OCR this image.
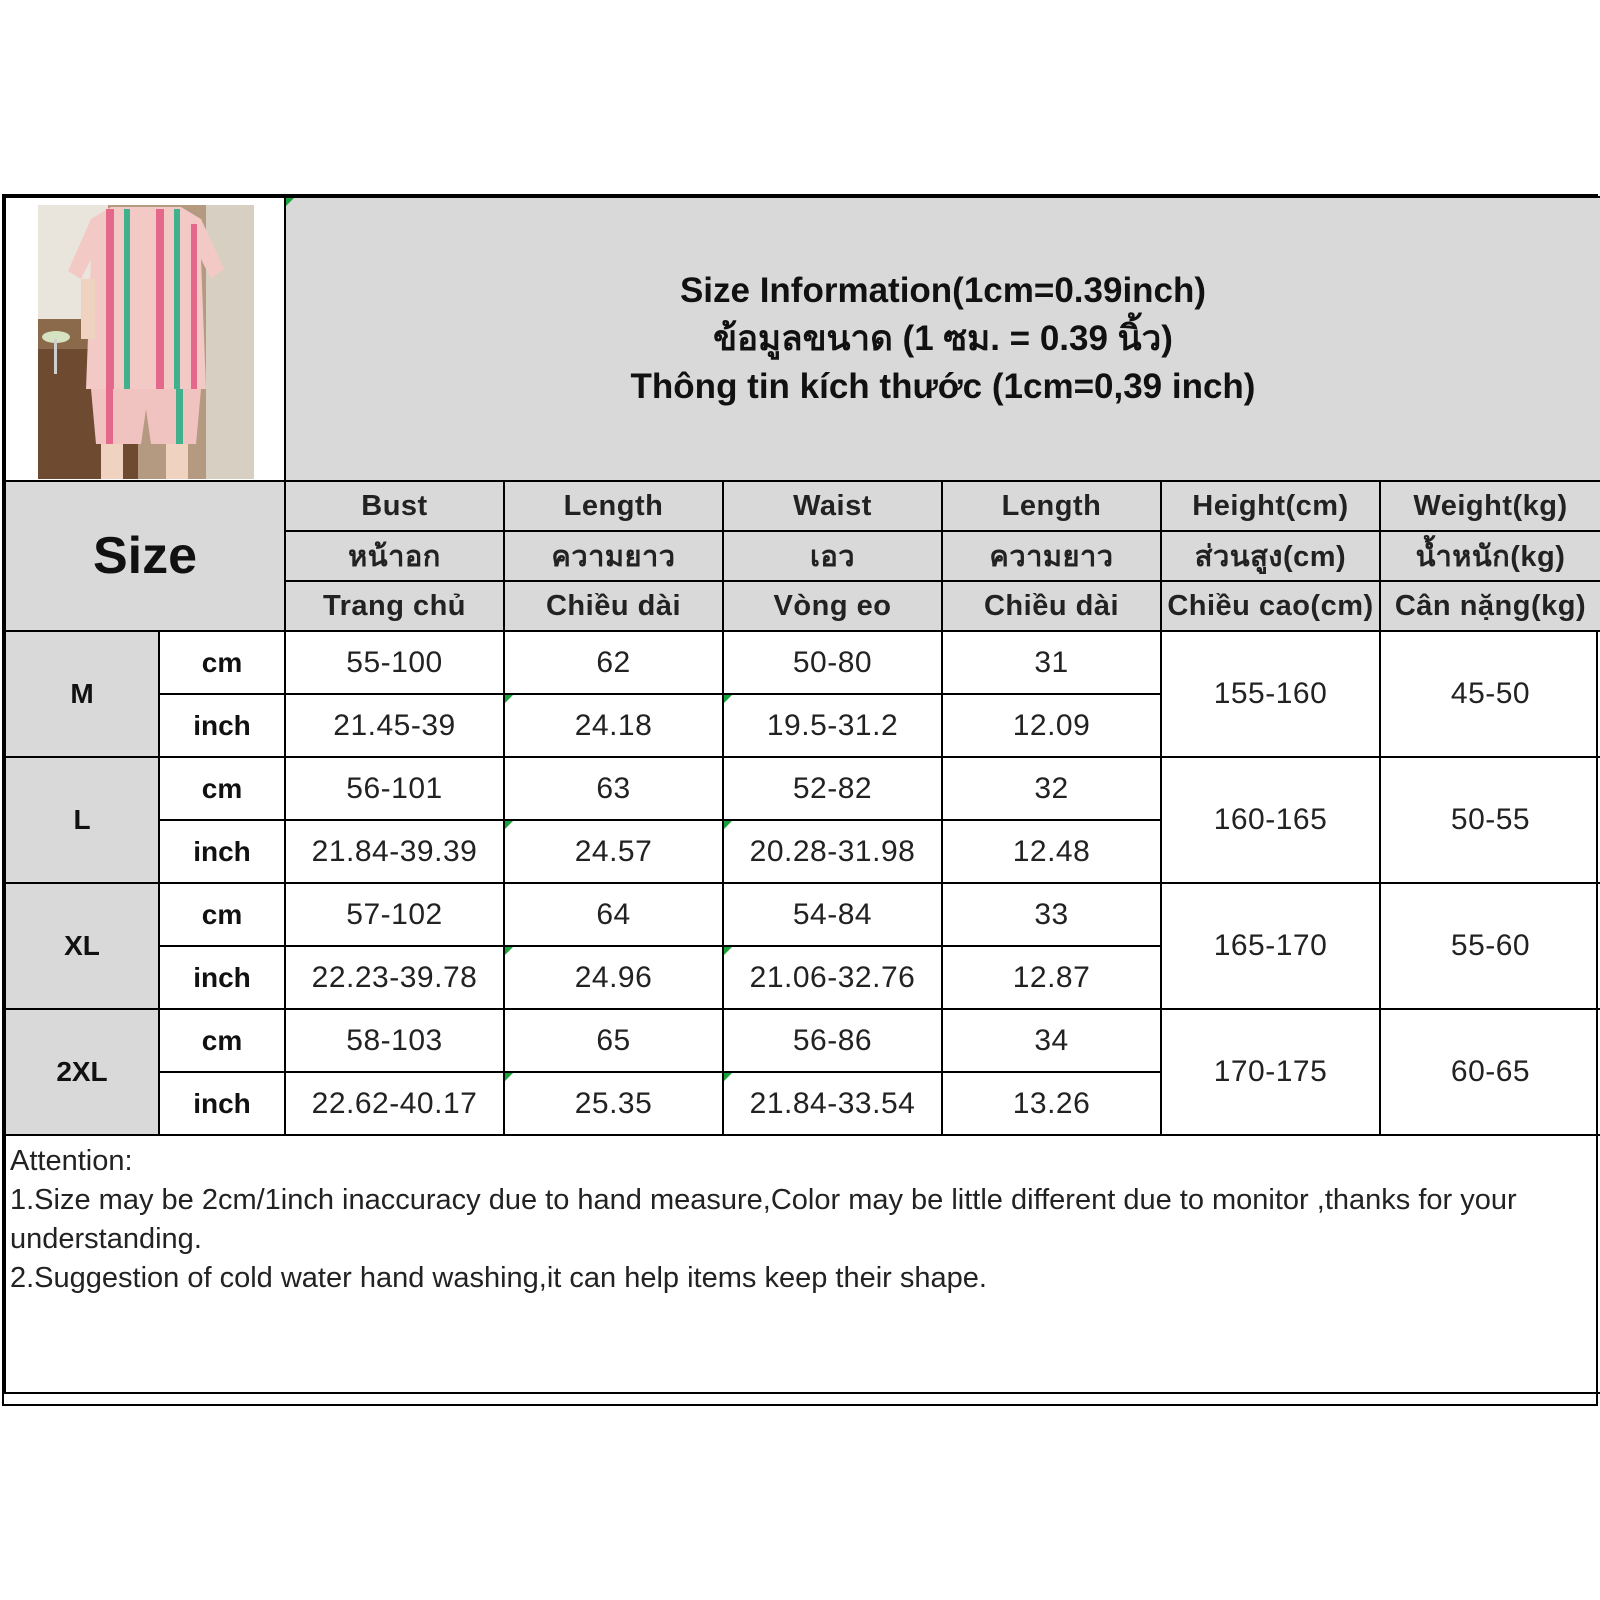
Size Information(1cm=0.39inch)
ข้อมูลขนาด (1 ซม. = 0.39 นิ้ว)
Thông tin kích thước (1cm=0,39 inch)					

Size		Bust	Length	Waist	Length	Height(cm)	Weight(kg)
		หน้าอก	ความยาว	เอว	ความยาว	ส่วนสูง(cm)	น้ำหนัก(kg)
		Trang chủ	Chiều dài	Vòng eo	Chiều dài	Chiều cao(cm)	Cân nặng(kg)
M	cm	55-100	62	50-80	31	155-160	45-50
	inch	21.45-39	24.18	19.5-31.2	12.09		
L	cm	56-101	63	52-82	32	160-165	50-55
	inch	21.84-39.39	24.57	20.28-31.98	12.48		
XL	cm	57-102	64	54-84	33	165-170	55-60
	inch	22.23-39.78	24.96	21.06-32.76	12.87		
2XL	cm	58-103	65	56-86	34	170-175	60-65
	inch	22.62-40.17	25.35	21.84-33.54	13.26		

Attention:
1.Size may be 2cm/1inch inaccuracy due to hand measure,Color may be little different due to monitor ,thanks for your understanding.
2.Suggestion of cold water hand washing,it can help items keep their shape.							
